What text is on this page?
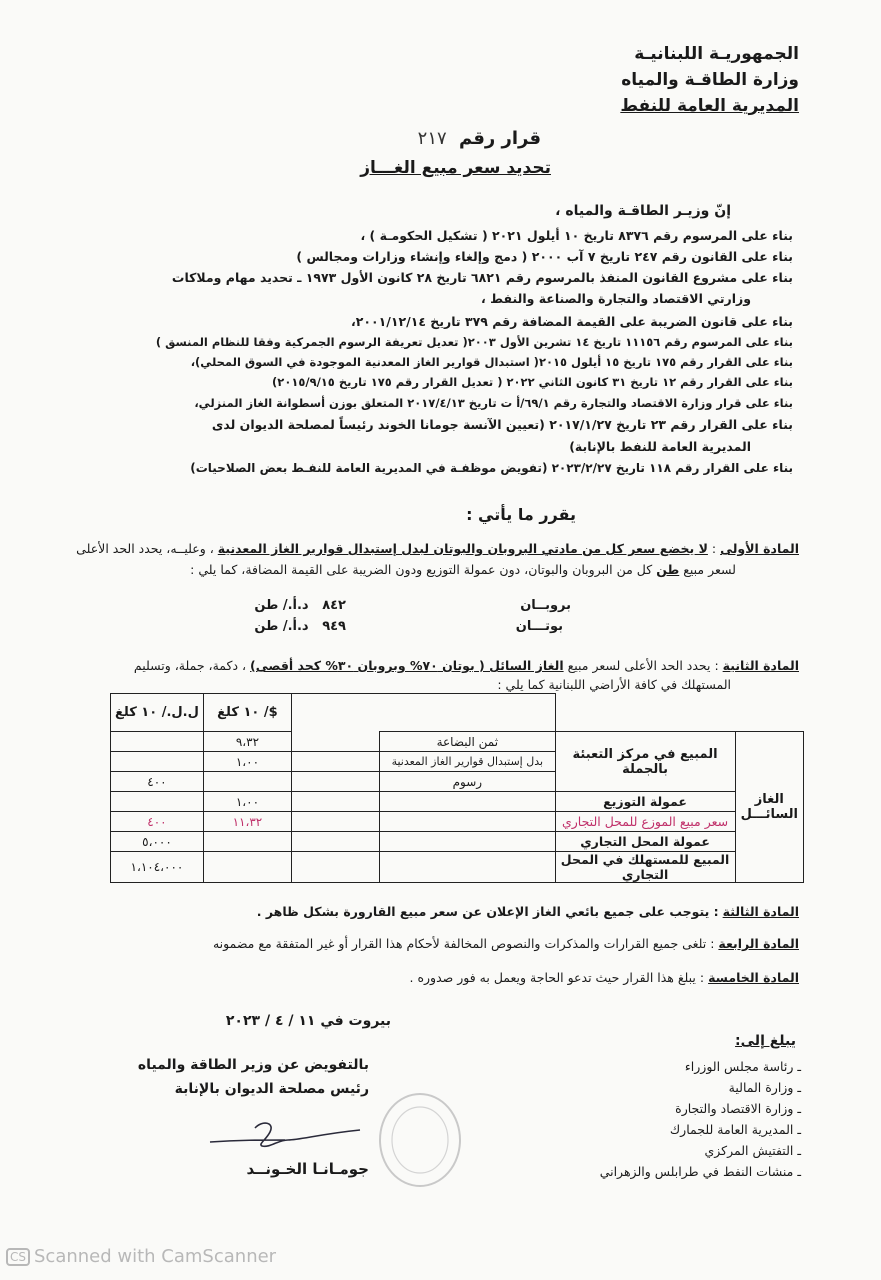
الجمهوريـة اللبنانيـة
وزارة الطاقـة والمياه
المديرية العامة للنفط
قرار رقم ٢١٧
تحديد سعر مبيع الغـــاز
إنّ وزيـر الطاقـة والمياه ،
بناء على المرسوم رقم ٨٣٧٦ تاريخ ١٠ أيلول ٢٠٢١ ( تشكيل الحكومـة ) ،
بناء على القانون رقم ٢٤٧ تاريخ ٧ آب ٢٠٠٠ ( دمج وإلغاء وإنشاء وزارات ومجالس )
بناء على مشروع القانون المنفذ بالمرسوم رقم ٦٨٢١ تاريخ ٢٨ كانون الأول ١٩٧٣ ـ تحديد مهام وملاكات
وزارتي الاقتصاد والتجارة والصناعة والنفط ،
بناء على قانون الضريبة على القيمة المضافة رقم ٣٧٩ تاريخ ٢٠٠١/١٢/١٤،
بناء على المرسوم رقم ١١١٥٦ تاريخ ١٤ تشرين الأول ٢٠٠٣( تعديل تعريفة الرسوم الجمركية وفقا للنظام المنسق )
بناء على القرار رقم ١٧٥ تاريخ ١٥ أيلول ٢٠١٥( استبدال قوارير الغاز المعدنية الموجودة في السوق المحلي)،
بناء على القرار رقم ١٢ تاريخ ٣١ كانون الثاني ٢٠٢٢ ( تعديل القرار رقم ١٧٥ تاريخ ٢٠١٥/٩/١٥)
بناء على قرار وزارة الاقتصاد والتجارة رقم ٦٩/١/أ ت تاريخ ٢٠١٧/٤/١٣ المتعلق بوزن أسطوانة الغاز المنزلي،
بناء على القرار رقم ٢٣ تاريخ ٢٠١٧/١/٢٧ (تعيين الآنسة جومانا الخوند رئيساً لمصلحة الديوان لدى
المديرية العامة للنفط بالإنابة)
بناء على القرار رقم ١١٨ تاريخ ٢٠٢٣/٢/٢٧ (تفويض موظفـة في المديرية العامة للنفـط بعض الصلاحيات)
يقرر ما يأتي :
المادة الأولى : لا يخضع سعر كل من مادتي البروبان والبوتان لبدل إستبدال قوارير الغاز المعدنية ، وعليــه، يحدد الحد الأعلى
لسعر مبيع طن كل من البروبان والبوتان، دون عمولة التوزيع ودون الضريبة على القيمة المضافة، كما يلي :
بروبــان
٨٤٢   د.أ./ طن
بوتـــان
٩٤٩   د.أ./ طن
المادة الثانية : يحدد الحد الأعلى لسعر مبيع الغاز السائل ( بوتان ٧٠% وبروبان ٣٠% كحد أقصى) ، دكمة، جملة، وتسليم
المستهلك في كافة الأراضي اللبنانية كما يلي :
				$/ ١٠ كلغ	ل.ل./ ١٠ كلغ
الغاز السائـــل	المبيع في مركز التعبئة بالجملة	ثمن البضاعة		٩،٣٢	
		بدل إستبدال قوارير الغاز المعدنية		١،٠٠	
		رسوم			٤٠٠
	عمولة التوزيع			١،٠٠	
	سعر مبيع الموزع للمحل التجاري			١١،٣٢	٤٠٠
	عمولة المحل التجاري				٥،٠٠٠
	المبيع للمستهلك في المحل التجاري				١،١٠٤،٠٠٠
المادة الثالثة : يتوجب على جميع بائعي الغاز الإعلان عن سعر مبيع القارورة بشكل ظاهر .
المادة الرابعة : تلغى جميع القرارات والمذكرات والنصوص المخالفة لأحكام هذا القرار أو غير المتفقة مع مضمونه
المادة الخامسة : يبلغ هذا القرار حيث تدعو الحاجة ويعمل به فور صدوره .
بيروت في ١١ / ٤ / ٢٠٢٣
بالتفويض عن وزير الطاقة والمياه
رئيس مصلحة الديوان بالإنابة
جومـانـا الخـونــد
يبلغ إلى:
ـ رئاسة مجلس الوزراء
ـ وزارة المالية
ـ وزارة الاقتصاد والتجارة
ـ المديرية العامة للجمارك
ـ التفتيش المركزي
ـ منشات النفط في طرابلس والزهراني
CS Scanned with CamScanner
